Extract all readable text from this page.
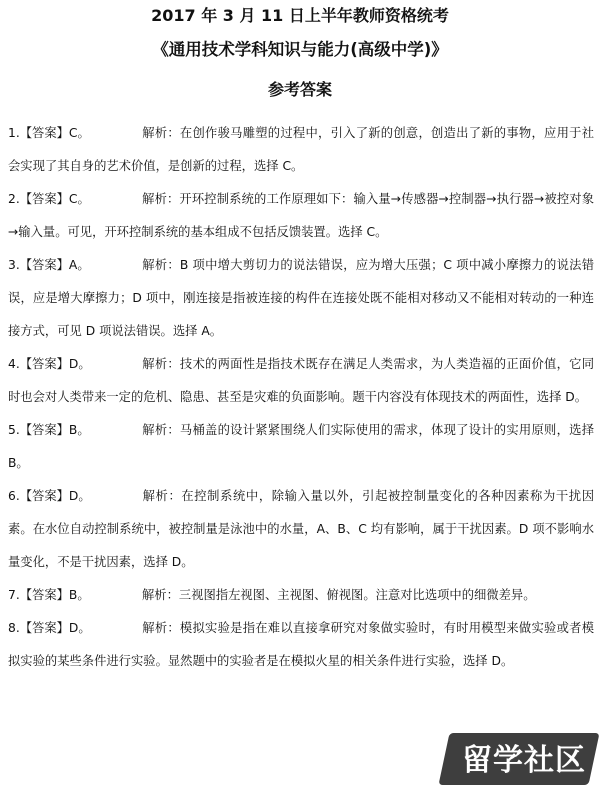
2017 年 3 月 11 日上半年教师资格统考

《通用技术学科知识与能力(高级中学)》

参考答案

1.【答案】C。	解析：在创作骏马雕塑的过程中，引入了新的创意，创造出了新的事物，应用于社会实现了其自身的艺术价值，是创新的过程，选择 C。

2.【答案】C。	解析：开环控制系统的工作原理如下：输入量→传感器→控制器→执行器→被控对象→输入量。可见，开环控制系统的基本组成不包括反馈装置。选择 C。

3.【答案】A。	解析：B 项中增大剪切力的说法错误，应为增大压强；C 项中减小摩擦力的说法错误，应是增大摩擦力；D 项中，刚连接是指被连接的构件在连接处既不能相对移动又不能相对转动的一种连接方式，可见 D 项说法错误。选择 A。

4.【答案】D。	解析：技术的两面性是指技术既存在满足人类需求，为人类造福的正面价值，它同时也会对人类带来一定的危机、隐患、甚至是灾难的负面影响。题干内容没有体现技术的两面性，选择 D。

5.【答案】B。	解析：马桶盖的设计紧紧围绕人们实际使用的需求，体现了设计的实用原则，选择 B。

6.【答案】D。	解析：在控制系统中，除输入量以外，引起被控制量变化的各种因素称为干扰因素。在水位自动控制系统中，被控制量是泳池中的水量，A、B、C 均有影响，属于干扰因素。D 项不影响水量变化，不是干扰因素，选择 D。

7.【答案】B。	解析：三视图指左视图、主视图、俯视图。注意对比选项中的细微差异。

8.【答案】D。	解析：模拟实验是指在难以直接拿研究对象做实验时，有时用模型来做实验或者模拟实验的某些条件进行实验。显然题中的实验者是在模拟火星的相关条件进行实验，选择 D。

留学社区
